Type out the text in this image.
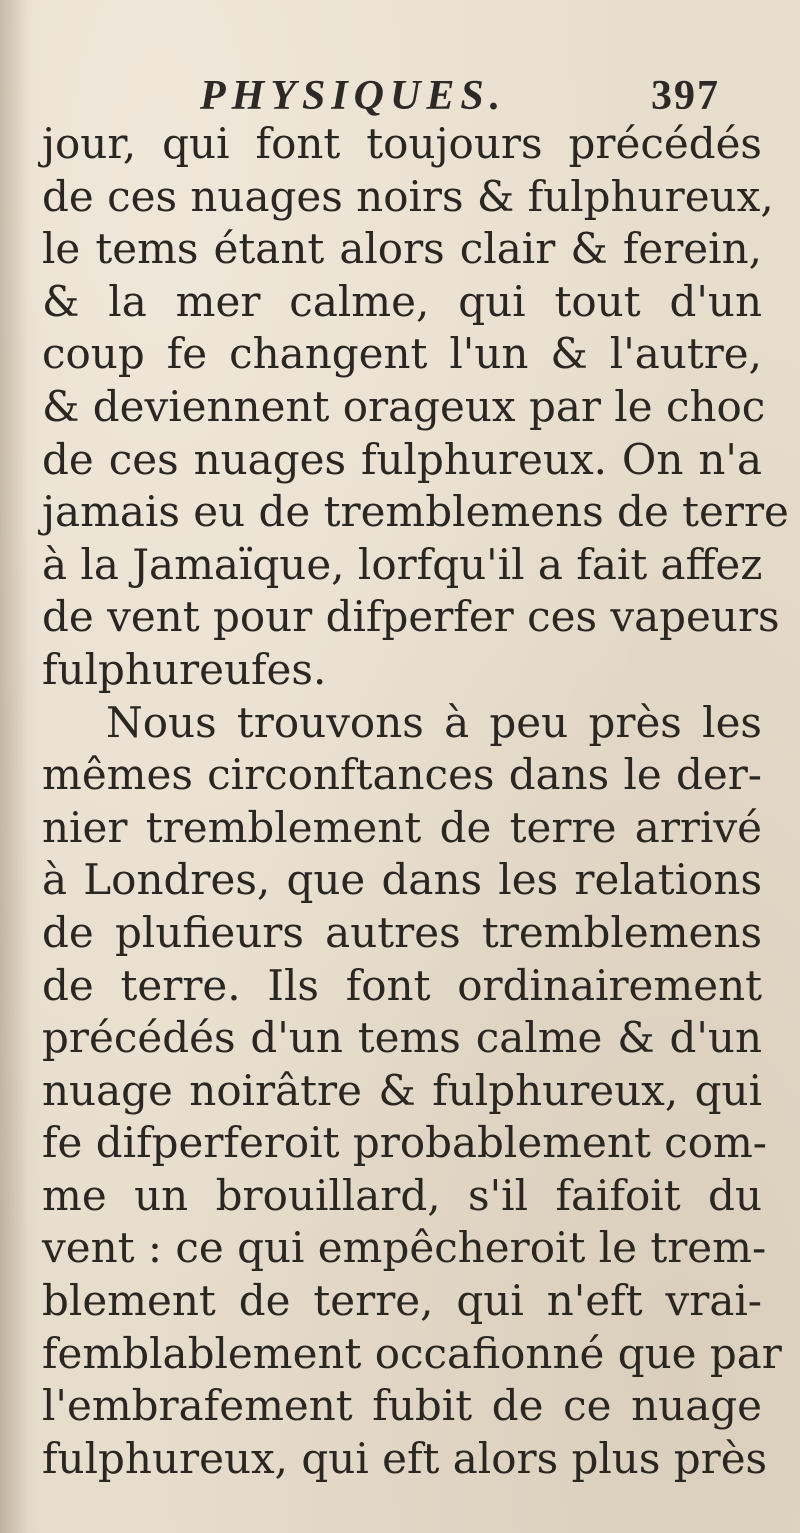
PHYSIQUES.	397
jour, qui font toujours précédés
de ces nuages noirs & fulphureux,
le tems étant alors clair & ferein,
& la mer calme, qui tout d'un
coup fe changent l'un & l'autre,
& deviennent orageux par le choc
de ces nuages fulphureux. On n'a
jamais eu de tremblemens de terre
à la Jamaïque, lorfqu'il a fait affez
de vent pour difperfer ces vapeurs
fulphureufes.
Nous trouvons à peu près les
mêmes circonftances dans le der-
nier tremblement de terre arrivé
à Londres, que dans les relations
de plufieurs autres tremblemens
de terre. Ils font ordinairement
précédés d'un tems calme & d'un
nuage noirâtre & fulphureux, qui
fe difperferoit probablement com-
me un brouillard, s'il faifoit du
vent : ce qui empêcheroit le trem-
blement de terre, qui n'eft vrai-
femblablement occafionné que par
l'embrafement fubit de ce nuage
fulphureux, qui eft alors plus près
